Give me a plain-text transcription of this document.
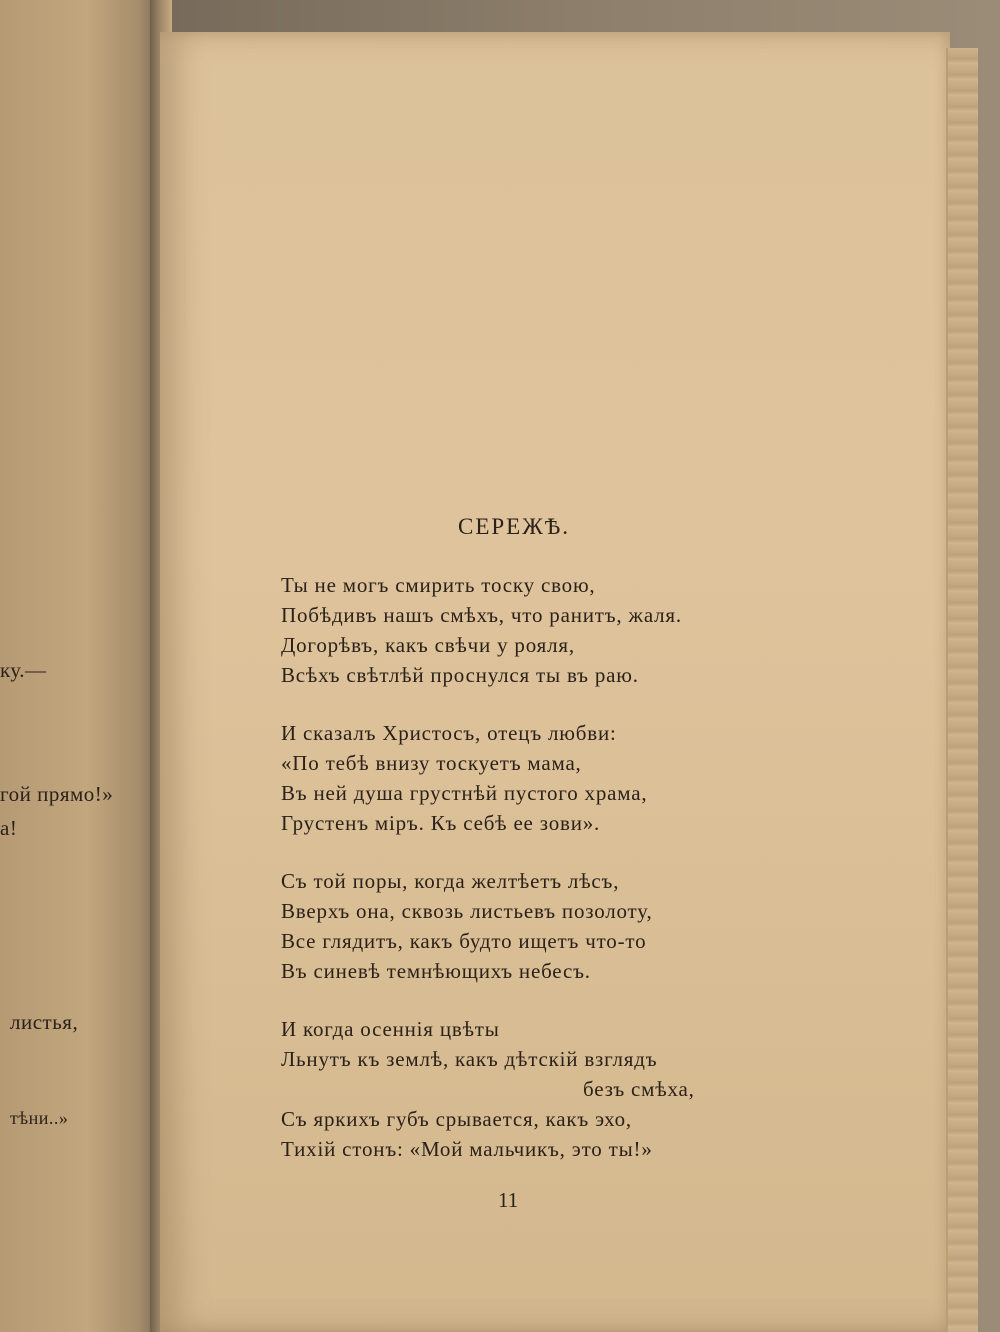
ку.—
гой прямо!»
а!
листья,
тѣни..»
СЕРЕЖѢ.
Ты не могъ смирить тоску свою,
Побѣдивъ нашъ смѣхъ, что ранитъ, жаля.
Догорѣвъ, какъ свѣчи у рояля,
Всѣхъ свѣтлѣй проснулся ты въ раю.
И сказалъ Христосъ, отецъ любви:
«По тебѣ внизу тоскуетъ мама,
Въ ней душа грустнѣй пустого храма,
Грустенъ міръ. Къ себѣ ее зови».
Съ той поры, когда желтѣетъ лѣсъ,
Вверхъ она, сквозь листьевъ позолоту,
Все глядитъ, какъ будто ищетъ что-то
Въ синевѣ темнѣющихъ небесъ.
И когда осеннія цвѣты
Льнутъ къ землѣ, какъ дѣтскій взглядъ
безъ смѣха,
Съ яркихъ губъ срывается, какъ эхо,
Тихій стонъ: «Мой мальчикъ, это ты!»
11
